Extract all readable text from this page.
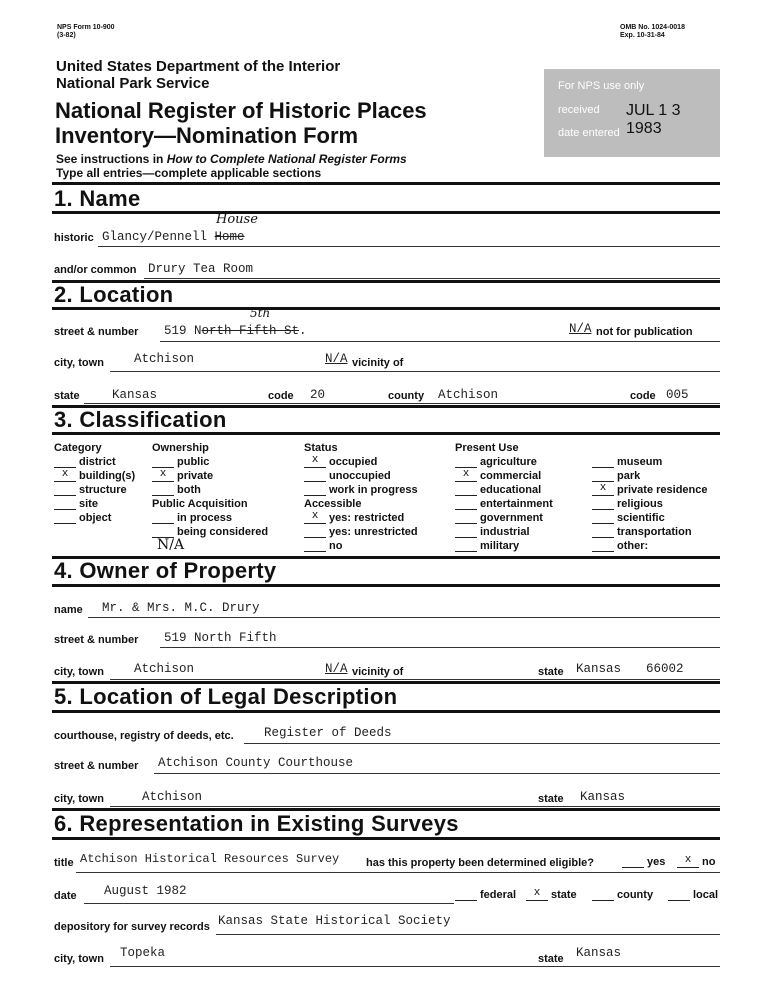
NPS Form 10-900
(3-82)
OMB No. 1024-0018
Exp. 10-31-84
United States Department of the Interior
National Park Service
National Register of Historic Places
Inventory—Nomination Form
See instructions in How to Complete National Register Forms
Type all entries—complete applicable sections
For NPS use only
received JUL 1 3 1983
date entered
1. Name
historic Glancy/Pennell Home
House
and/or common Drury Tea Room
2. Location
street & number 519 North Fifth St.
5th
N/A not for publication
city, town Atchison	N/A vicinity of
state	Kansas	code 20	county Atchison	code 005
3. Classification
Category
district
x building(s)
structure
site
object
Ownership
public
x private
both
Public Acquisition
in process
being considered
N/A
Status
x occupied
unoccupied
work in progress
Accessible
x yes: restricted
yes: unrestricted
no
Present Use
agriculture
x commercial
educational
entertainment
government
industrial
military
museum
park
x private residence
religious
scientific
transportation
other:
4. Owner of Property
name Mr. & Mrs. M.C. Drury
street & number 519 North Fifth
city, town Atchison	N/A vicinity of	state Kansas 66002
5. Location of Legal Description
courthouse, registry of deeds, etc. Register of Deeds
street & number Atchison County Courthouse
city, town	Atchison	state Kansas
6. Representation in Existing Surveys
title Atchison Historical Resources Survey has this property been determined eligible?	yes	x no
date August 1982	federal	x state	county	local
depository for survey records Kansas State Historical Society
city, town Topeka	state Kansas
